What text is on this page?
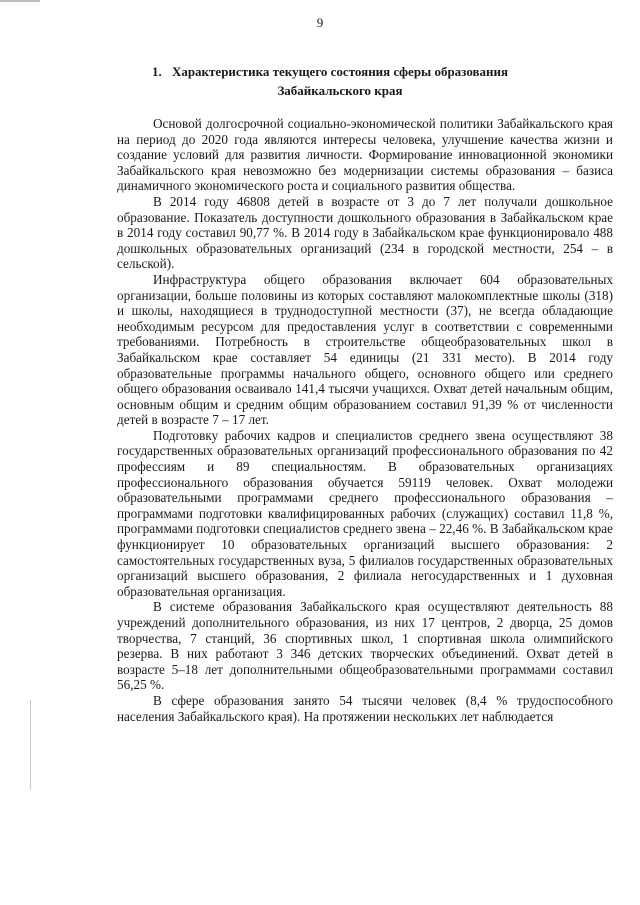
9
1. Характеристика текущего состояния сферы образования
Забайкальского края

Основой долгосрочной социально-экономической политики Забайкальского края на период до 2020 года являются интересы человека, улучшение качества жизни и создание условий для развития личности. Формирование инновационной экономики Забайкальского края невозможно без модернизации системы образования – базиса динамичного экономического роста и социального развития общества.

В 2014 году 46808 детей в возрасте от 3 до 7 лет получали дошкольное образование. Показатель доступности дошкольного образования в Забайкальском крае в 2014 году составил 90,77 %. В 2014 году в Забайкальском крае функционировало 488 дошкольных образовательных организаций (234 в городской местности, 254 – в сельской).

Инфраструктура общего образования включает 604 образовательных организации, больше половины из которых составляют малокомплектные школы (318) и школы, находящиеся в труднодоступной местности (37), не всегда обладающие необходимым ресурсом для предоставления услуг в соответствии с современными требованиями. Потребность в строительстве общеобразовательных школ в Забайкальском крае составляет 54 единицы (21 331 место). В 2014 году образовательные программы начального общего, основного общего или среднего общего образования осваивало 141,4 тысячи учащихся. Охват детей начальным общим, основным общим и средним общим образованием составил 91,39 % от численности детей в возрасте 7 – 17 лет.

Подготовку рабочих кадров и специалистов среднего звена осуществляют 38 государственных образовательных организаций профессионального образования по 42 профессиям и 89 специальностям. В образовательных организациях профессионального образования обучается 59119 человек. Охват молодежи образовательными программами среднего профессионального образования – программами подготовки квалифицированных рабочих (служащих) составил 11,8 %, программами подготовки специалистов среднего звена – 22,46 %. В Забайкальском крае функционирует 10 образовательных организаций высшего образования: 2 самостоятельных государственных вуза, 5 филиалов государственных образовательных организаций высшего образования, 2 филиала негосударственных и 1 духовная образовательная организация.

В системе образования Забайкальского края осуществляют деятельность 88 учреждений дополнительного образования, из них 17 центров, 2 дворца, 25 домов творчества, 7 станций, 36 спортивных школ, 1 спортивная школа олимпийского резерва. В них работают 3 346 детских творческих объединений. Охват детей в возрасте 5–18 лет дополнительными общеобразовательными программами составил 56,25 %.

В сфере образования занято 54 тысячи человек (8,4 % трудоспособного населения Забайкальского края). На протяжении нескольких лет наблюдается
